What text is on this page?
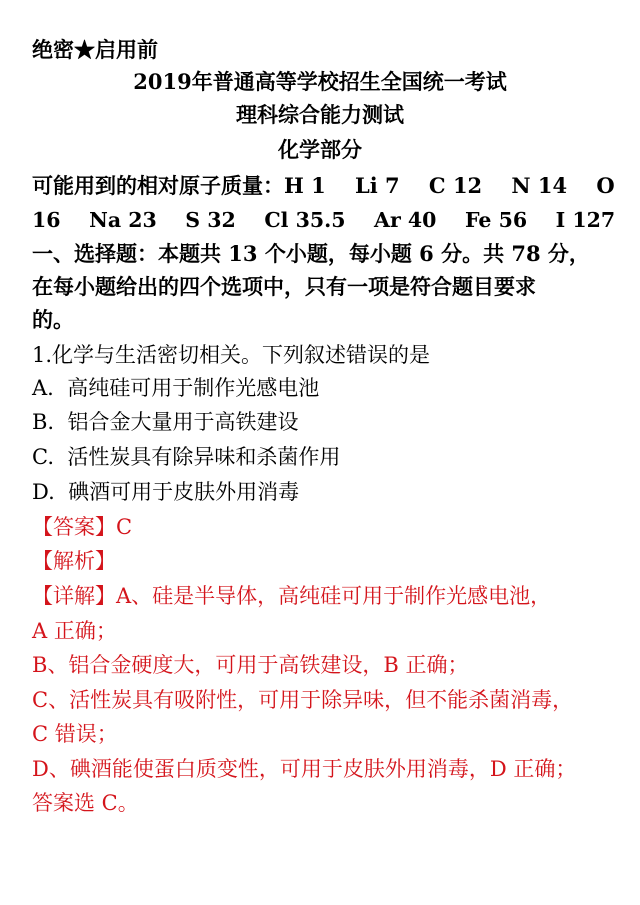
绝密★启用前
2019年普通高等学校招生全国统一考试
理科综合能力测试
化学部分
可能用到的相对原子质量：H 1    Li 7    C 12    N 14    O
16    Na 23    S 32    Cl 35.5    Ar 40    Fe 56    I 127
一、选择题：本题共 13 个小题，每小题 6 分。共 78 分，
在每小题给出的四个选项中，只有一项是符合题目要求
的。
1.化学与生活密切相关。下列叙述错误的是
A.  高纯硅可用于制作光感电池
B.  铝合金大量用于高铁建设
C.  活性炭具有除异味和杀菌作用
D.  碘酒可用于皮肤外用消毒
【答案】C
【解析】
【详解】A、硅是半导体，高纯硅可用于制作光感电池，
A 正确；
B、铝合金硬度大，可用于高铁建设，B 正确；
C、活性炭具有吸附性，可用于除异味，但不能杀菌消毒，
C 错误；
D、碘酒能使蛋白质变性，可用于皮肤外用消毒，D 正确；
答案选 C。
